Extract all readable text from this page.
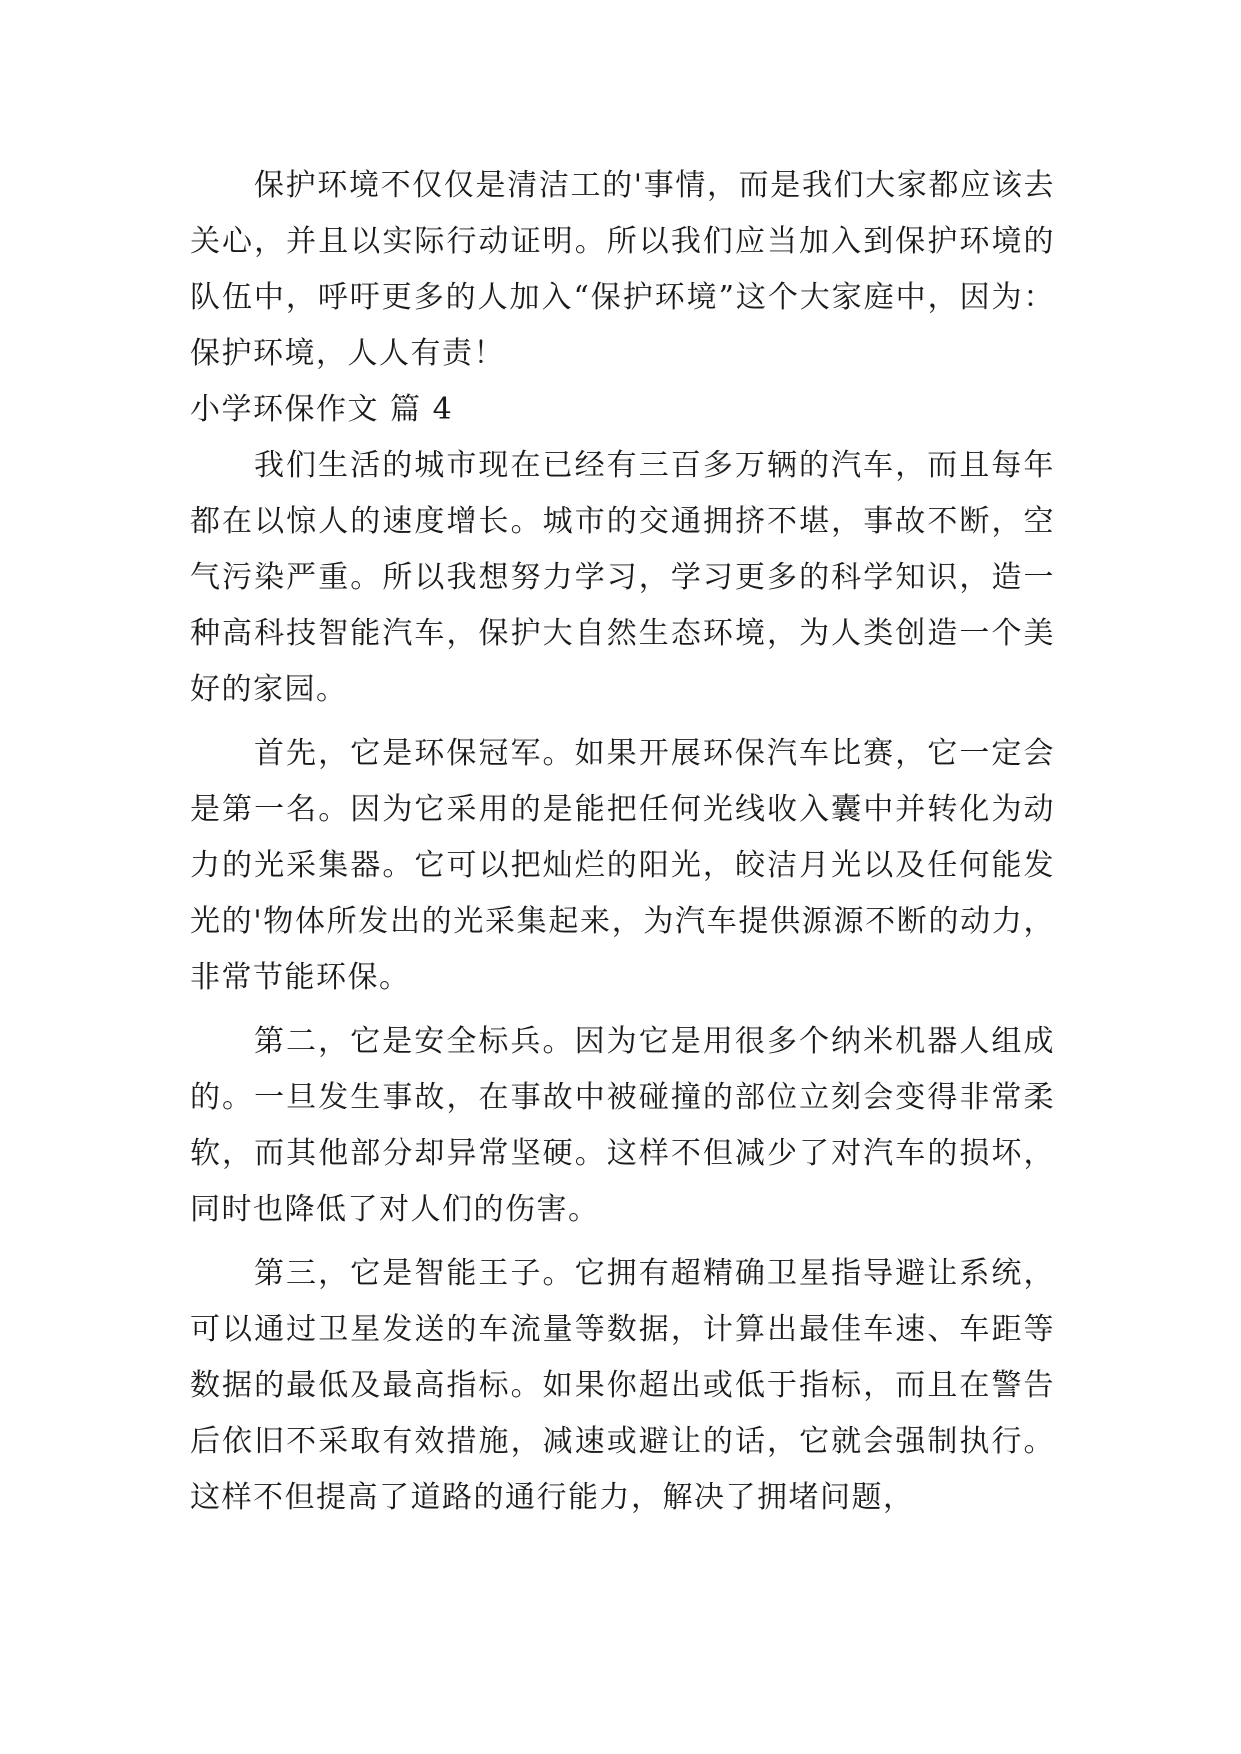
保护环境不仅仅是清洁工的'事情，而是我们大家都应该去关心，并且以实际行动证明。所以我们应当加入到保护环境的队伍中，呼吁更多的人加入“保护环境”这个大家庭中，因为：保护环境，人人有责！

小学环保作文 篇 4

我们生活的城市现在已经有三百多万辆的汽车，而且每年都在以惊人的速度增长。城市的交通拥挤不堪，事故不断，空气污染严重。所以我想努力学习，学习更多的科学知识，造一种高科技智能汽车，保护大自然生态环境，为人类创造一个美好的家园。

首先，它是环保冠军。如果开展环保汽车比赛，它一定会是第一名。因为它采用的是能把任何光线收入囊中并转化为动力的光采集器。它可以把灿烂的阳光，皎洁月光以及任何能发光的'物体所发出的光采集起来，为汽车提供源源不断的动力，非常节能环保。

第二，它是安全标兵。因为它是用很多个纳米机器人组成的。一旦发生事故，在事故中被碰撞的部位立刻会变得非常柔软，而其他部分却异常坚硬。这样不但减少了对汽车的损坏，同时也降低了对人们的伤害。

第三，它是智能王子。它拥有超精确卫星指导避让系统，可以通过卫星发送的车流量等数据，计算出最佳车速、车距等数据的最低及最高指标。如果你超出或低于指标，而且在警告后依旧不采取有效措施，减速或避让的话，它就会强制执行。这样不但提高了道路的通行能力，解决了拥堵问题，
